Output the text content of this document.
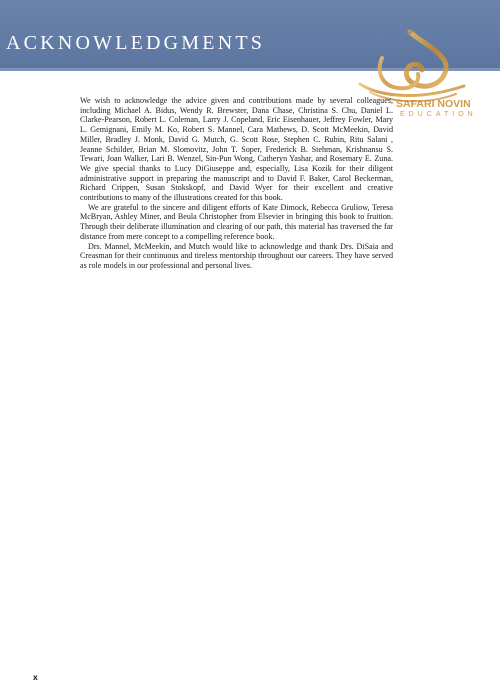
ACKNOWLEDGMENTS
SAFARI NOVIN
EDUCATION

We wish to acknowledge the advice given and contributions made by several colleagues, including Michael A. Bidus, Wendy R. Brewster, Dana Chase, Christina S. Chu, Daniel L. Clarke-Pearson, Robert L. Coleman, Larry J. Copeland, Eric Eisenhauer, Jeffrey Fowler, Mary L. Gemignani, Emily M. Ko, Robert S. Mannel, Cara Mathews, D. Scott McMeekin, David Miller, Bradley J. Monk, David G. Mutch, G. Scott Rose, Stephen C. Rubin, Ritu Salani , Jeanne Schilder, Brian M. Slomovitz, John T. Soper, Frederick B. Stehman, Krishnansu S. Tewari, Joan Walker, Lari B. Wenzel, Sin-Pun Wong, Catheryn Yashar, and Rosemary E. Zuna. We give special thanks to Lucy DiGiuseppe and, especially, Lisa Kozik for their diligent administrative support in preparing the manuscript and to David F. Baker, Carol Beckerman, Richard Crippen, Susan Stokskopf, and David Wyer for their excellent and creative contributions to many of the illustrations created for this book.

We are grateful to the sincere and diligent efforts of Kate Dimock, Rebecca Gruliow, Teresa McBryan, Ashley Miner, and Beula Christopher from Elsevier in bringing this book to fruition. Through their deliberate illumination and clearing of our path, this material has traversed the far distance from mere concept to a compelling reference book.

Drs. Mannel, McMeekin, and Mutch would like to acknowledge and thank Drs. DiSaia and Creasman for their continuous and tireless mentorship throughout our careers. They have served as role models in our professional and personal lives.

x
